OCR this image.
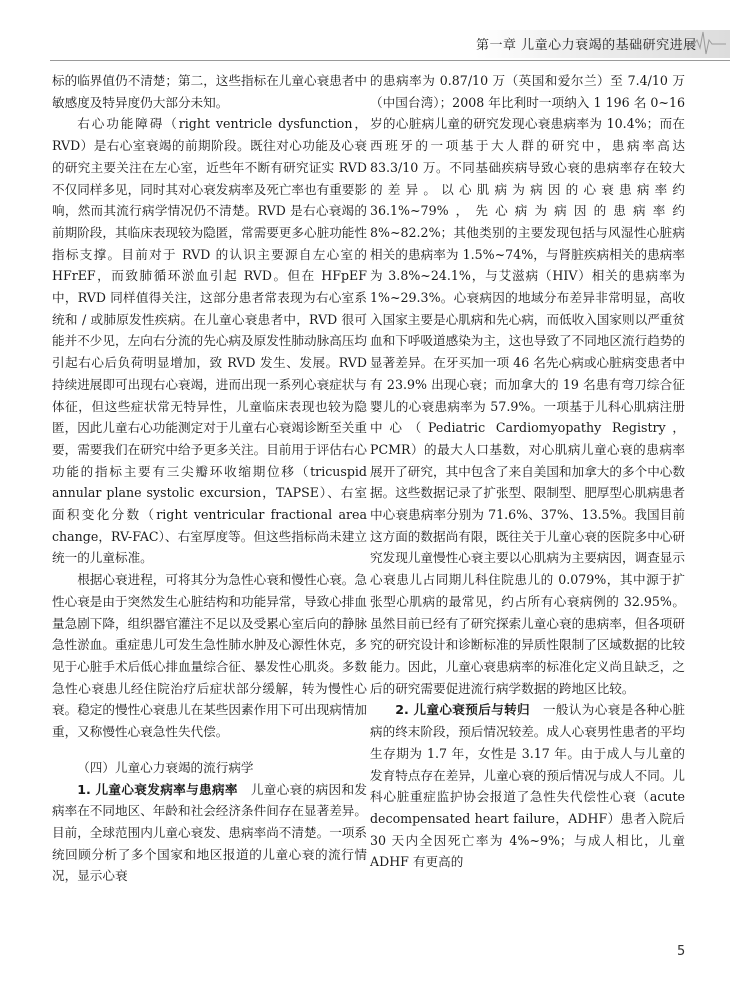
第一章 儿童心力衰竭的基础研究进展

标的临界值仍不清楚；第二，这些指标在儿童心衰患者中敏感度及特异度仍大部分未知。

右心功能障碍（right ventricle dysfunction，RVD）是右心室衰竭的前期阶段。既往对心功能及心衰的研究主要关注在左心室，近些年不断有研究证实 RVD 不仅同样多见，同时其对心衰发病率及死亡率也有重要影响，然而其流行病学情况仍不清楚。RVD 是右心衰竭的前期阶段，其临床表现较为隐匿，常需要更多心脏功能性指标支撑。目前对于 RVD 的认识主要源自左心室的 HFrEF，而致肺循环淤血引起 RVD。但在 HFpEF 中，RVD 同样值得关注，这部分患者常表现为右心室系统和 / 或肺原发性疾病。在儿童心衰患者中，RVD 很可能并不少见，左向右分流的先心病及原发性肺动脉高压均引起右心后负荷明显增加，致 RVD 发生、发展。RVD 持续进展即可出现右心衰竭，进而出现一系列心衰症状与体征，但这些症状常无特异性，儿童临床表现也较为隐匿，因此儿童右心功能测定对于儿童右心衰竭诊断至关重要，需要我们在研究中给予更多关注。目前用于评估右心功能的指标主要有三尖瓣环收缩期位移（tricuspid annular plane systolic excursion，TAPSE）、右室面积变化分数（right ventricular fractional area change，RV-FAC）、右室厚度等。但这些指标尚未建立统一的儿童标准。

根据心衰进程，可将其分为急性心衰和慢性心衰。急性心衰是由于突然发生心脏结构和功能异常，导致心排血量急剧下降，组织器官灌注不足以及受累心室后向的静脉急性淤血。重症患儿可发生急性肺水肿及心源性休克，多见于心脏手术后低心排血量综合征、暴发性心肌炎。多数急性心衰患儿经住院治疗后症状部分缓解，转为慢性心衰。稳定的慢性心衰患儿在某些因素作用下可出现病情加重，又称慢性心衰急性失代偿。

（四）儿童心力衰竭的流行病学

1. 儿童心衰发病率与患病率　 儿童心衰的病因和发病率在不同地区、年龄和社会经济条件间存在显著差异。目前，全球范围内儿童心衰发、患病率尚不清楚。一项系统回顾分析了多个国家和地区报道的儿童心衰的流行情况，显示心衰

的患病率为 0.87/10 万（英国和爱尔兰）至 7.4/10 万（中国台湾）；2008 年比利时一项纳入 1 196 名 0~16 岁的心脏病儿童的研究发现心衰患病率为 10.4%；而在西班牙的一项基于大人群的研究中，患病率高达 83.3/10 万。不同基础疾病导致心衰的患病率存在较大的差异。以心肌病为病因的心衰患病率约 36.1%~79%，先心病为病因的患病率约 8%~82.2%；其他类别的主要发现包括与风湿性心脏病相关的患病率为 1.5%~74%，与肾脏疾病相关的患病率为 3.8%~24.1%，与艾滋病（HIV）相关的患病率为 1%~29.3%。心衰病因的地域分布差异非常明显，高收入国家主要是心肌病和先心病，而低收入国家则以严重贫血和下呼吸道感染为主，这也导致了不同地区流行趋势的显著差异。在牙买加一项 46 名先心病或心脏病变患者中有 23.9% 出现心衰；而加拿大的 19 名患有弯刀综合征婴儿的心衰患病率为 57.9%。一项基于儿科心肌病注册中心（Pediatric Cardiomyopathy Registry，PCMR）的最大人口基数，对心肌病儿童心衰的患病率展开了研究，其中包含了来自美国和加拿大的多个中心数据。这些数据记录了扩张型、限制型、肥厚型心肌病患者中心衰患病率分别为 71.6%、37%、13.5%。我国目前这方面的数据尚有限，既往关于儿童心衰的医院多中心研究发现儿童慢性心衰主要以心肌病为主要病因，调查显示心衰患儿占同期儿科住院患儿的 0.079%，其中源于扩张型心肌病的最常见，约占所有心衰病例的 32.95%。虽然目前已经有了研究探索儿童心衰的患病率，但各项研究的研究设计和诊断标准的异质性限制了区域数据的比较能力。因此，儿童心衰患病率的标准化定义尚且缺乏，之后的研究需要促进流行病学数据的跨地区比较。

2. 儿童心衰预后与转归　 一般认为心衰是各种心脏病的终末阶段，预后情况较差。成人心衰男性患者的平均生存期为 1.7 年，女性是 3.17 年。由于成人与儿童的发育特点存在差异，儿童心衰的预后情况与成人不同。儿科心脏重症监护协会报道了急性失代偿性心衰（acute decompensated heart failure，ADHF）患者入院后 30 天内全因死亡率为 4%~9%；与成人相比，儿童 ADHF 有更高的

5
